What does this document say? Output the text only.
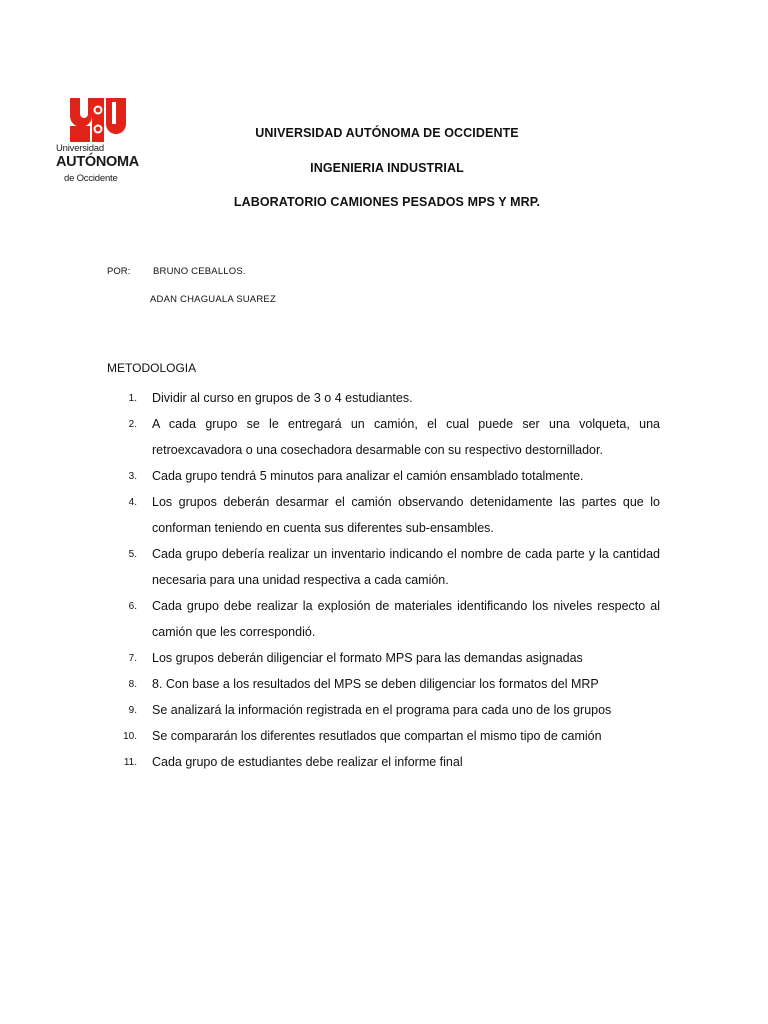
Universidad
AUTÓNOMA
de Occidente
UNIVERSIDAD AUTÓNOMA DE OCCIDENTE
INGENIERIA INDUSTRIAL
LABORATORIO CAMIONES PESADOS MPS Y MRP.
POR: BRUNO CEBALLOS.
ADAN CHAGUALA SUAREZ
METODOLOGIA
1. Dividir al curso en grupos de 3 o 4 estudiantes.
2. A cada grupo se le entregará un camión, el cual puede ser una volqueta, una retroexcavadora o una cosechadora desarmable con su respectivo destornillador.
3. Cada grupo tendrá 5 minutos para analizar el camión ensamblado totalmente.
4. Los grupos deberán desarmar el camión observando detenidamente las partes que lo conforman teniendo en cuenta sus diferentes sub-ensambles.
5. Cada grupo debería realizar un inventario indicando el nombre de cada parte y la cantidad necesaria para una unidad respectiva a cada camión.
6. Cada grupo debe realizar la explosión de materiales identificando los niveles respecto al camión que les correspondió.
7. Los grupos deberán diligenciar el formato MPS para las demandas asignadas
8. 8. Con base a los resultados del MPS se deben diligenciar los formatos del MRP
9. Se analizará la información registrada en el programa para cada uno de los grupos
10. Se compararán los diferentes resutlados que compartan el mismo tipo de camión
11. Cada grupo de estudiantes debe realizar el informe final
